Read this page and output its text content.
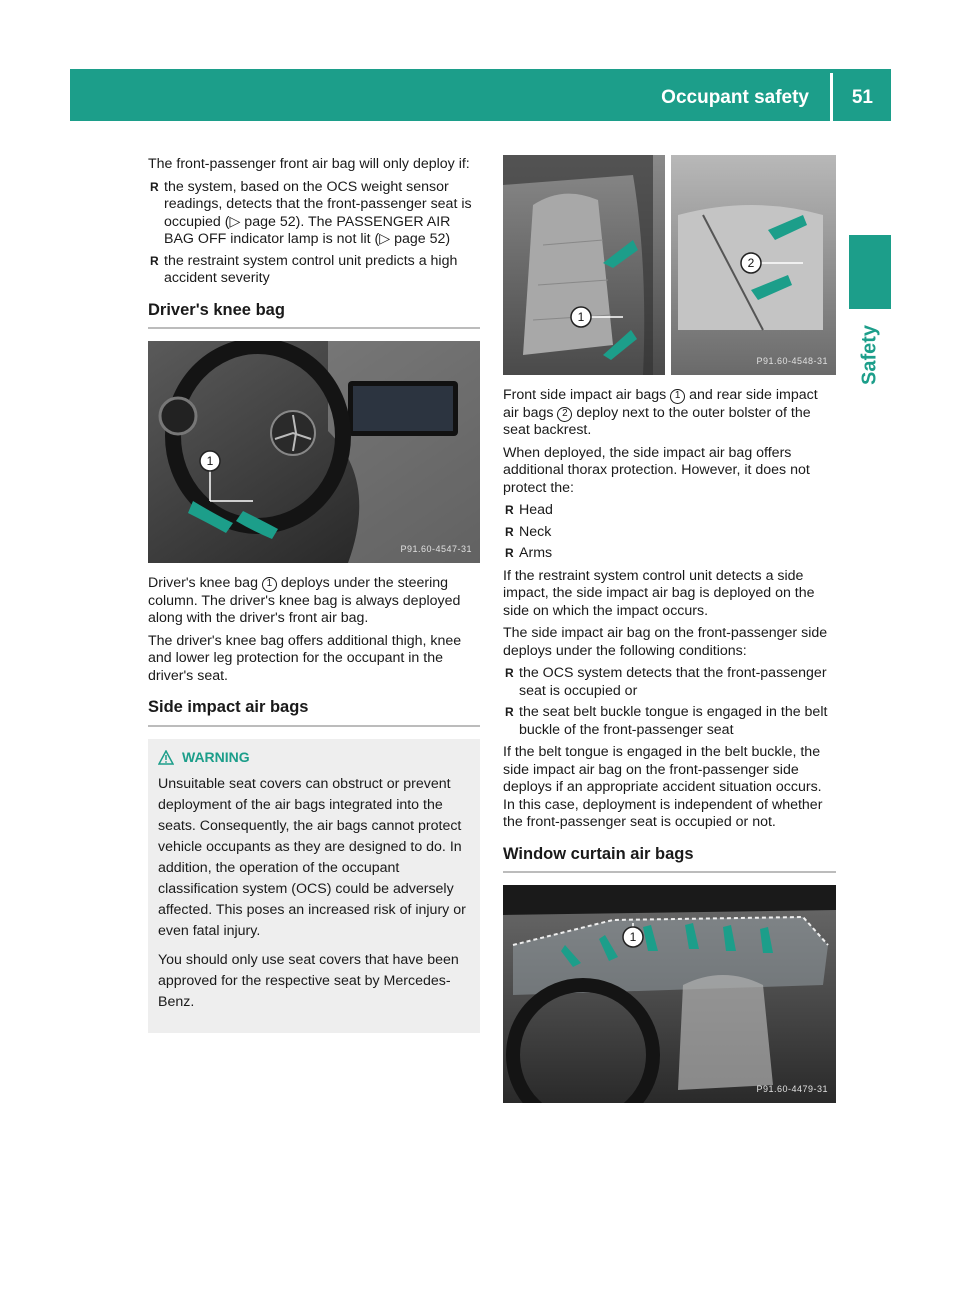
Occupant safety 51
Safety

The front-passenger front air bag will only deploy if:

R the system, based on the OCS weight sensor readings, detects that the front-passenger seat is occupied (▷ page 52). The PASSENGER AIR BAG OFF indicator lamp is not lit (▷ page 52)
R the restraint system control unit predicts a high accident severity
Driver's knee bag
1
P91.60-4547-31

Driver's knee bag 1 deploys under the steering column. The driver's knee bag is always deployed along with the driver's front air bag.

The driver's knee bag offers additional thigh, knee and lower leg protection for the occupant in the driver's seat.

Side impact air bags
WARNING

Unsuitable seat covers can obstruct or prevent deployment of the air bags integrated into the seats. Consequently, the air bags cannot protect vehicle occupants as they are designed to do. In addition, the operation of the occupant classification system (OCS) could be adversely affected. This poses an increased risk of injury or even fatal injury.

You should only use seat covers that have been approved for the respective seat by Mercedes-Benz.

1
2
P91.60-4548-31

Front side impact air bags 1 and rear side impact air bags 2 deploy next to the outer bolster of the seat backrest.

When deployed, the side impact air bag offers additional thorax protection. However, it does not protect the:

R Head
R Neck
R Arms

If the restraint system control unit detects a side impact, the side impact air bag is deployed on the side on which the impact occurs.

The side impact air bag on the front-passenger side deploys under the following conditions:

R the OCS system detects that the front-passenger seat is occupied or
R the seat belt buckle tongue is engaged in the belt buckle of the front-passenger seat

If the belt tongue is engaged in the belt buckle, the side impact air bag on the front-passenger side deploys if an appropriate accident situation occurs. In this case, deployment is independent of whether the front-passenger seat is occupied or not.

Window curtain air bags
1
P91.60-4479-31
